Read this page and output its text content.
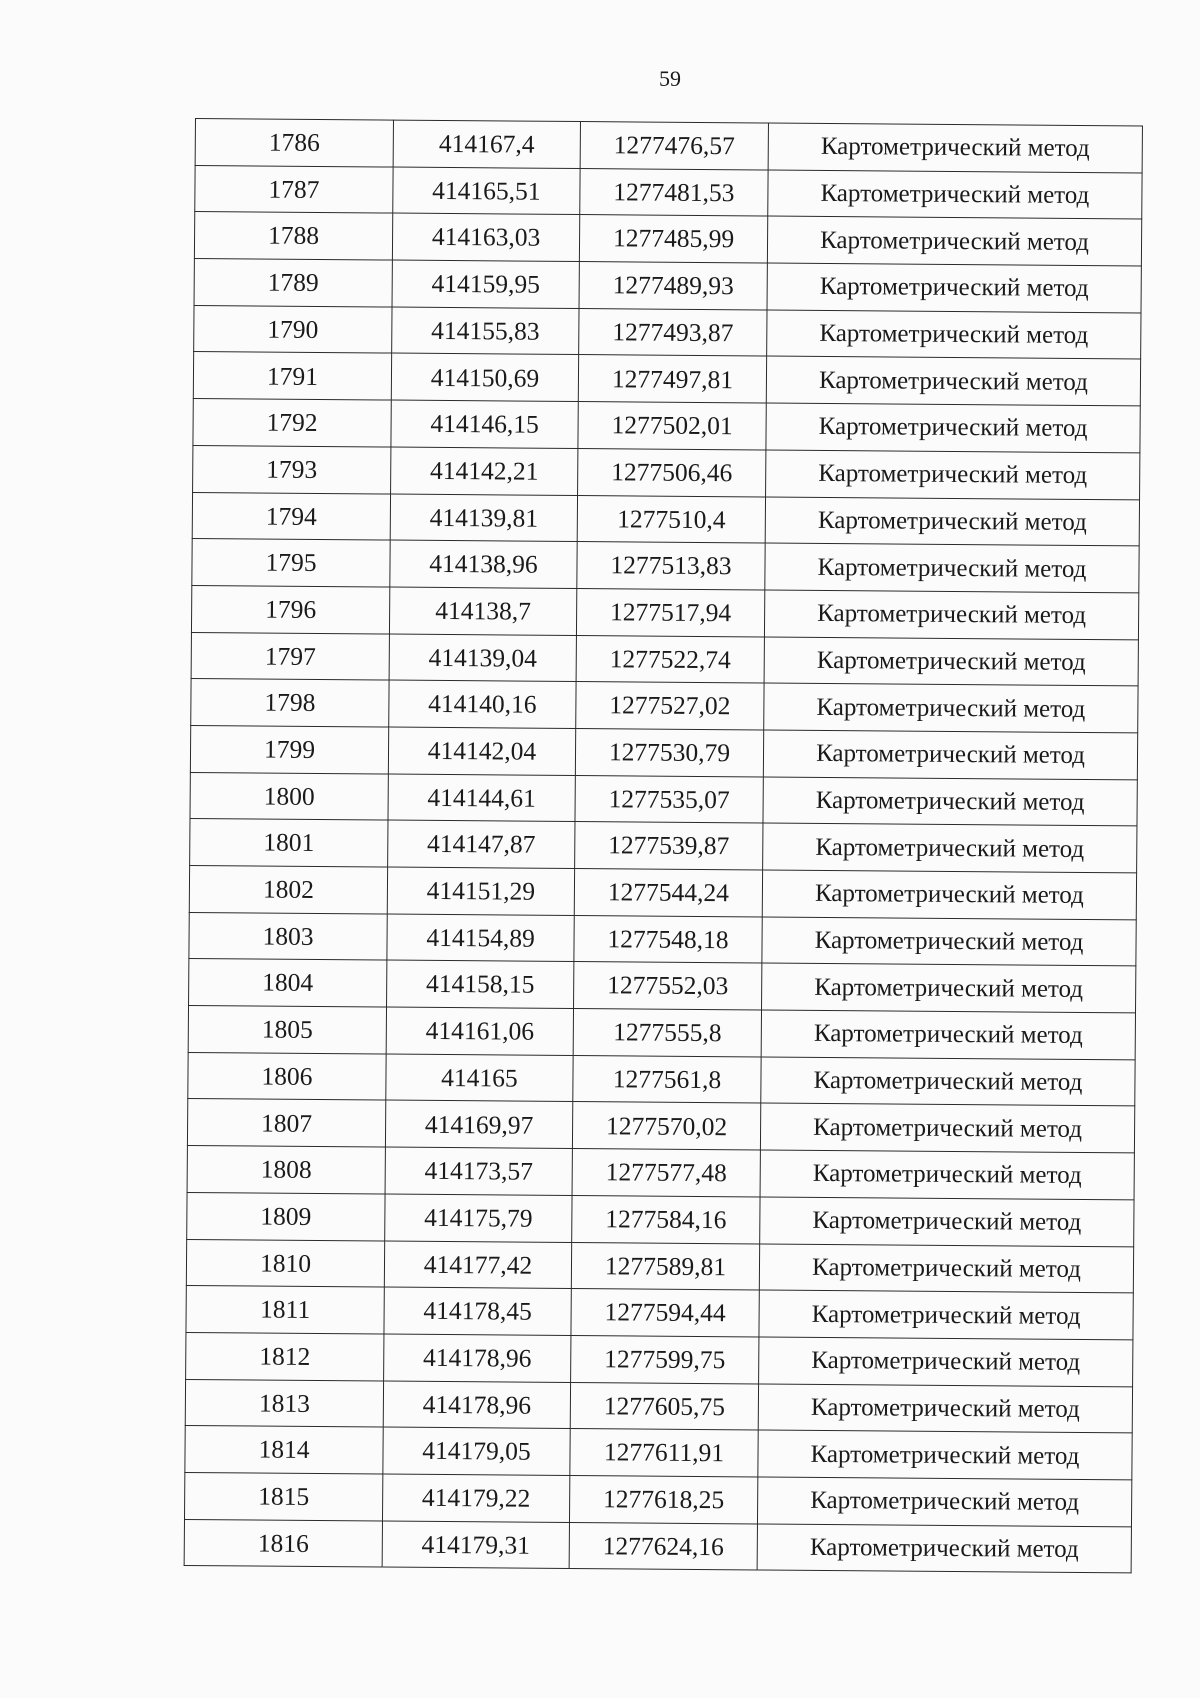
59
1786	414167,4	1277476,57	Картометрический метод
1787	414165,51	1277481,53	Картометрический метод
1788	414163,03	1277485,99	Картометрический метод
1789	414159,95	1277489,93	Картометрический метод
1790	414155,83	1277493,87	Картометрический метод
1791	414150,69	1277497,81	Картометрический метод
1792	414146,15	1277502,01	Картометрический метод
1793	414142,21	1277506,46	Картометрический метод
1794	414139,81	1277510,4	Картометрический метод
1795	414138,96	1277513,83	Картометрический метод
1796	414138,7	1277517,94	Картометрический метод
1797	414139,04	1277522,74	Картометрический метод
1798	414140,16	1277527,02	Картометрический метод
1799	414142,04	1277530,79	Картометрический метод
1800	414144,61	1277535,07	Картометрический метод
1801	414147,87	1277539,87	Картометрический метод
1802	414151,29	1277544,24	Картометрический метод
1803	414154,89	1277548,18	Картометрический метод
1804	414158,15	1277552,03	Картометрический метод
1805	414161,06	1277555,8	Картометрический метод
1806	414165	1277561,8	Картометрический метод
1807	414169,97	1277570,02	Картометрический метод
1808	414173,57	1277577,48	Картометрический метод
1809	414175,79	1277584,16	Картометрический метод
1810	414177,42	1277589,81	Картометрический метод
1811	414178,45	1277594,44	Картометрический метод
1812	414178,96	1277599,75	Картометрический метод
1813	414178,96	1277605,75	Картометрический метод
1814	414179,05	1277611,91	Картометрический метод
1815	414179,22	1277618,25	Картометрический метод
1816	414179,31	1277624,16	Картометрический метод
